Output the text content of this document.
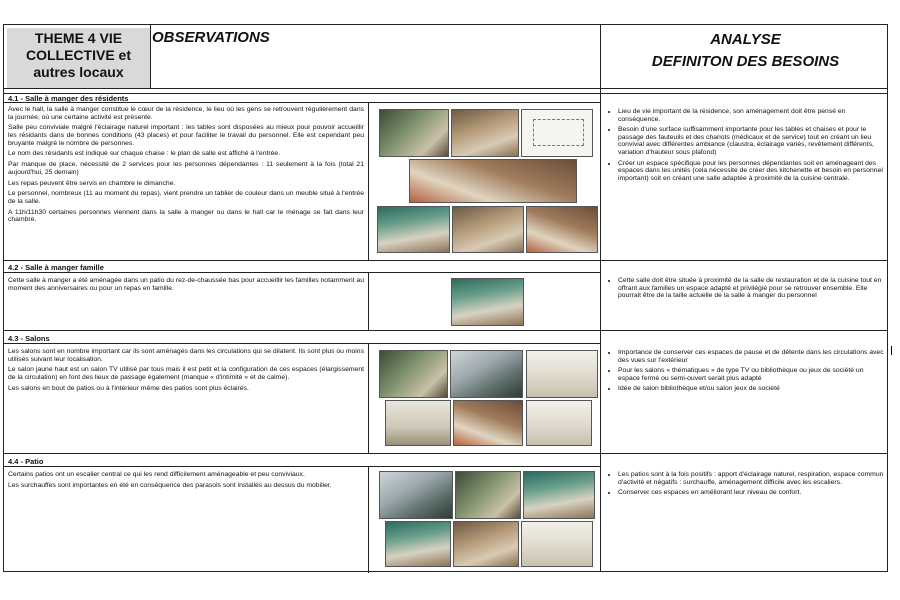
THEME 4 VIE COLLECTIVE et autres locaux
OBSERVATIONS	ANALYSE
DEFINITON DES BESOINS
4.1 - Salle à manger des résidents

Avec le hall, la salle à manger constitue le cœur de la résidence, le lieu où les gens se retrouvent régulièrement dans la journée, où une certaine activité est présente.

Salle peu conviviale malgré l'éclairage naturel important : les tables sont disposées au mieux pour pouvoir accueillir les résidants dans de bonnes conditions (43 places) et pour faciliter le travail du personnel. Elle est cependant peu bruyante malgré le nombre de personnes.

Le nom des résidants est indiqué sur chaque chaise : le plan de salle est affiché à l'entrée.

Par manque de place, nécessité de 2 services pour les personnes dépendantes : 11 seulement à la fois (total 21 aujourd'hui, 25 demain)

Les repas peuvent être servis en chambre le dimanche.

Le personnel, nombreux (11 au moment du repas), vient prendre un tablier de couleur dans un meuble situé à l'entrée de la salle.

A 11h/11h30 certaines personnes viennent dans la salle à manger ou dans le hall car le ménage se fait dans leur chambre.

• Lieu de vie important de la résidence, son aménagement doit être pensé en conséquence.
• Besoin d'une surface suffisamment importante pour les tables et chaises et pour le passage des fauteuils et des chariots (médicaux et de service) tout en créant un lieu convivial avec différentes ambiance (claustra, éclairage variés, revêtement différents, variation d'hauteur sous plafond)
• Créer un espace spécifique pour les personnes dépendantes soit en aménageant des espaces dans les unités (cela nécessite de créer des kitchenette et besoin en personnel important) soit en créant une salle adaptée à proximité de la cuisine centrale.
4.2 - Salle à manger famille

Cette salle à manger a été aménagée dans un patio du rez-de-chaussée bas pour accueillir les familles notamment au moment des anniversaires ou pour un repas en famille.

• Cette salle doit être située à proximité de la salle de restauration et de la cuisine tout en offrant aux familles un espace adapté et privilégié pour se retrouver ensemble. Elle pourrait être de la taille actuelle de la salle à manger du personnel
4.3 - Salons

Les salons sont en nombre important car ils sont aménagés dans les circulations qui se dilatent. Ils sont plus ou moins utilisés suivant leur localisation.

Le salon jaune haut est un salon TV utilisé par tous mais il est petit et la configuration de ces espaces (élargissement de la circulation) en font des lieux de passage également (manque « d'intimité » et de calme).

Les salons en bout de patios ou à l'intérieur même des patios sont plus éclairés.

• Importance de conserver ces espaces de pause et de détente dans les circulations avec des vues sur l'extérieur
• Pour les salons « thématiques » de type TV ou bibliothèque ou jeux de société un espace fermé ou semi-ouvert serait plus adapté
• Idée de salon bibliothèque et/ou salon jeux de société
4.4 - Patio

Certains patios ont un escalier central ce qui les rend difficilement aménageable et peu conviviaux.

Les surchauffes sont importantes en été en conséquence des parasols sont installés au dessus du mobilier.

• Les patios sont à la fois positifs : apport d'éclairage naturel, respiration, espace commun d'activité et négatifs : surchauffe, aménagement difficile avec les escaliers.
• Conserver ces espaces en améliorant leur niveau de confort.
